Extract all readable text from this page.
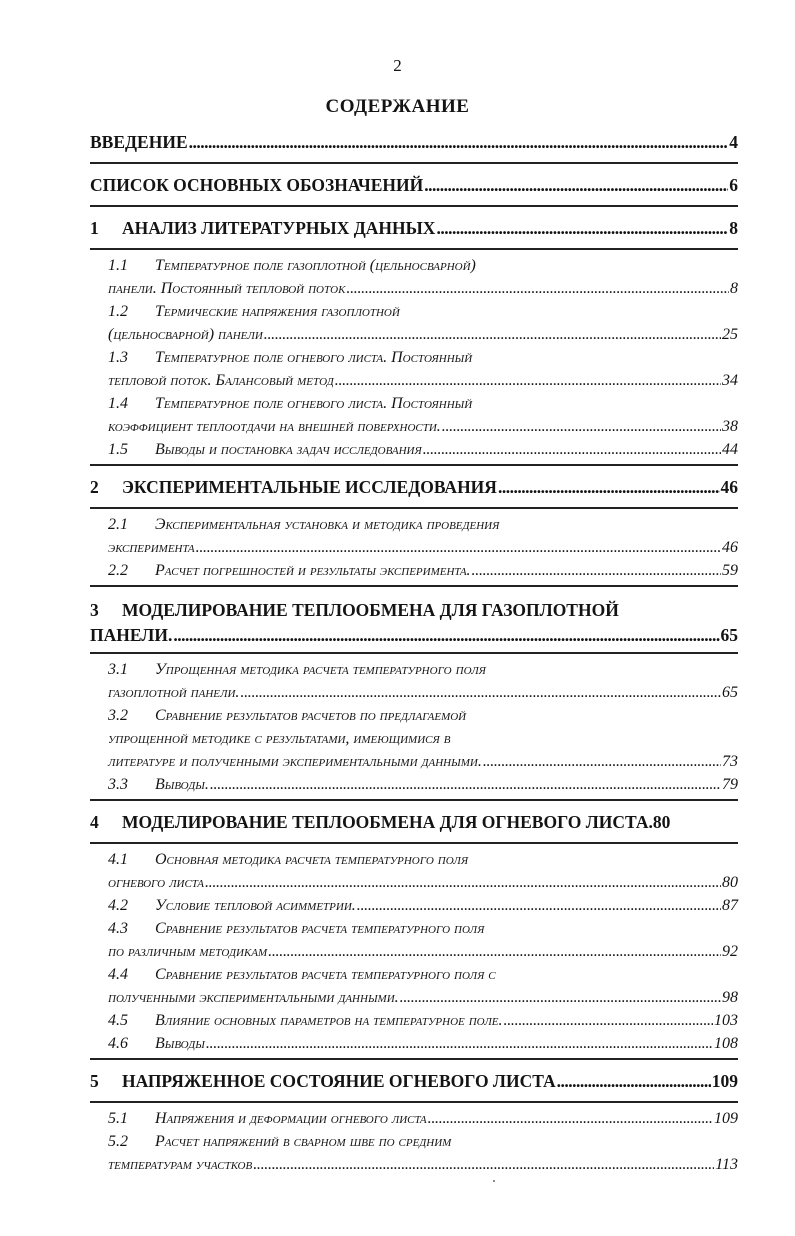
2
СОДЕРЖАНИЕ
ВВЕДЕНИЕ .....	4
СПИСОК ОСНОВНЫХ ОБОЗНАЧЕНИЙ .....	6
1 АНАЛИЗ ЛИТЕРАТУРНЫХ ДАННЫХ .....	8
1.1 Температурное поле газоплотной (цельносварной)
панели. Постоянный тепловой поток .....	8
1.2 Термические напряжения газоплотной
(цельносварной) панели .....	25
1.3 Температурное поле огневого листа. Постоянный
тепловой поток. Балансовый метод .....	34
1.4 Температурное поле огневого листа. Постоянный
коэффициент теплоотдачи на внешней поверхности. .....	38
1.5 Выводы и постановка задач исследования .....	44
2 ЭКСПЕРИМЕНТАЛЬНЫЕ ИССЛЕДОВАНИЯ .....	46
2.1 Экспериментальная установка и методика проведения
эксперимента .....	46
2.2 Расчет погрешностей и результаты эксперимента. .....	59
3 МОДЕЛИРОВАНИЕ ТЕПЛООБМЕНА ДЛЯ ГАЗОПЛОТНОЙ
ПАНЕЛИ. .....	65
3.1 Упрощенная методика расчета температурного поля
газоплотной панели. .....	65
3.2 Сравнение результатов расчетов по предлагаемой
упрощенной методике с результатами, имеющимися в
литературе и полученными экспериментальными данными. .....	73
3.3 Выводы. .....	79
4 МОДЕЛИРОВАНИЕ ТЕПЛООБМЕНА ДЛЯ ОГНЕВОГО ЛИСТА. 80
4.1 Основная методика расчета температурного поля
огневого листа .....	80
4.2 Условие тепловой асимметрии. .....	87
4.3 Сравнение результатов расчета температурного поля
по различным методикам .....	92
4.4 Сравнение результатов расчета температурного поля с
полученными экспериментальными данными. .....	98
4.5 Влияние основных параметров на температурное поле. .....	103
4.6 Выводы .....	108
5 НАПРЯЖЕННОЕ СОСТОЯНИЕ ОГНЕВОГО ЛИСТА .....	109
5.1 Напряжения и деформации огневого листа .....	109
5.2 Расчет напряжений в сварном шве по средним
температурам участков .....	113
